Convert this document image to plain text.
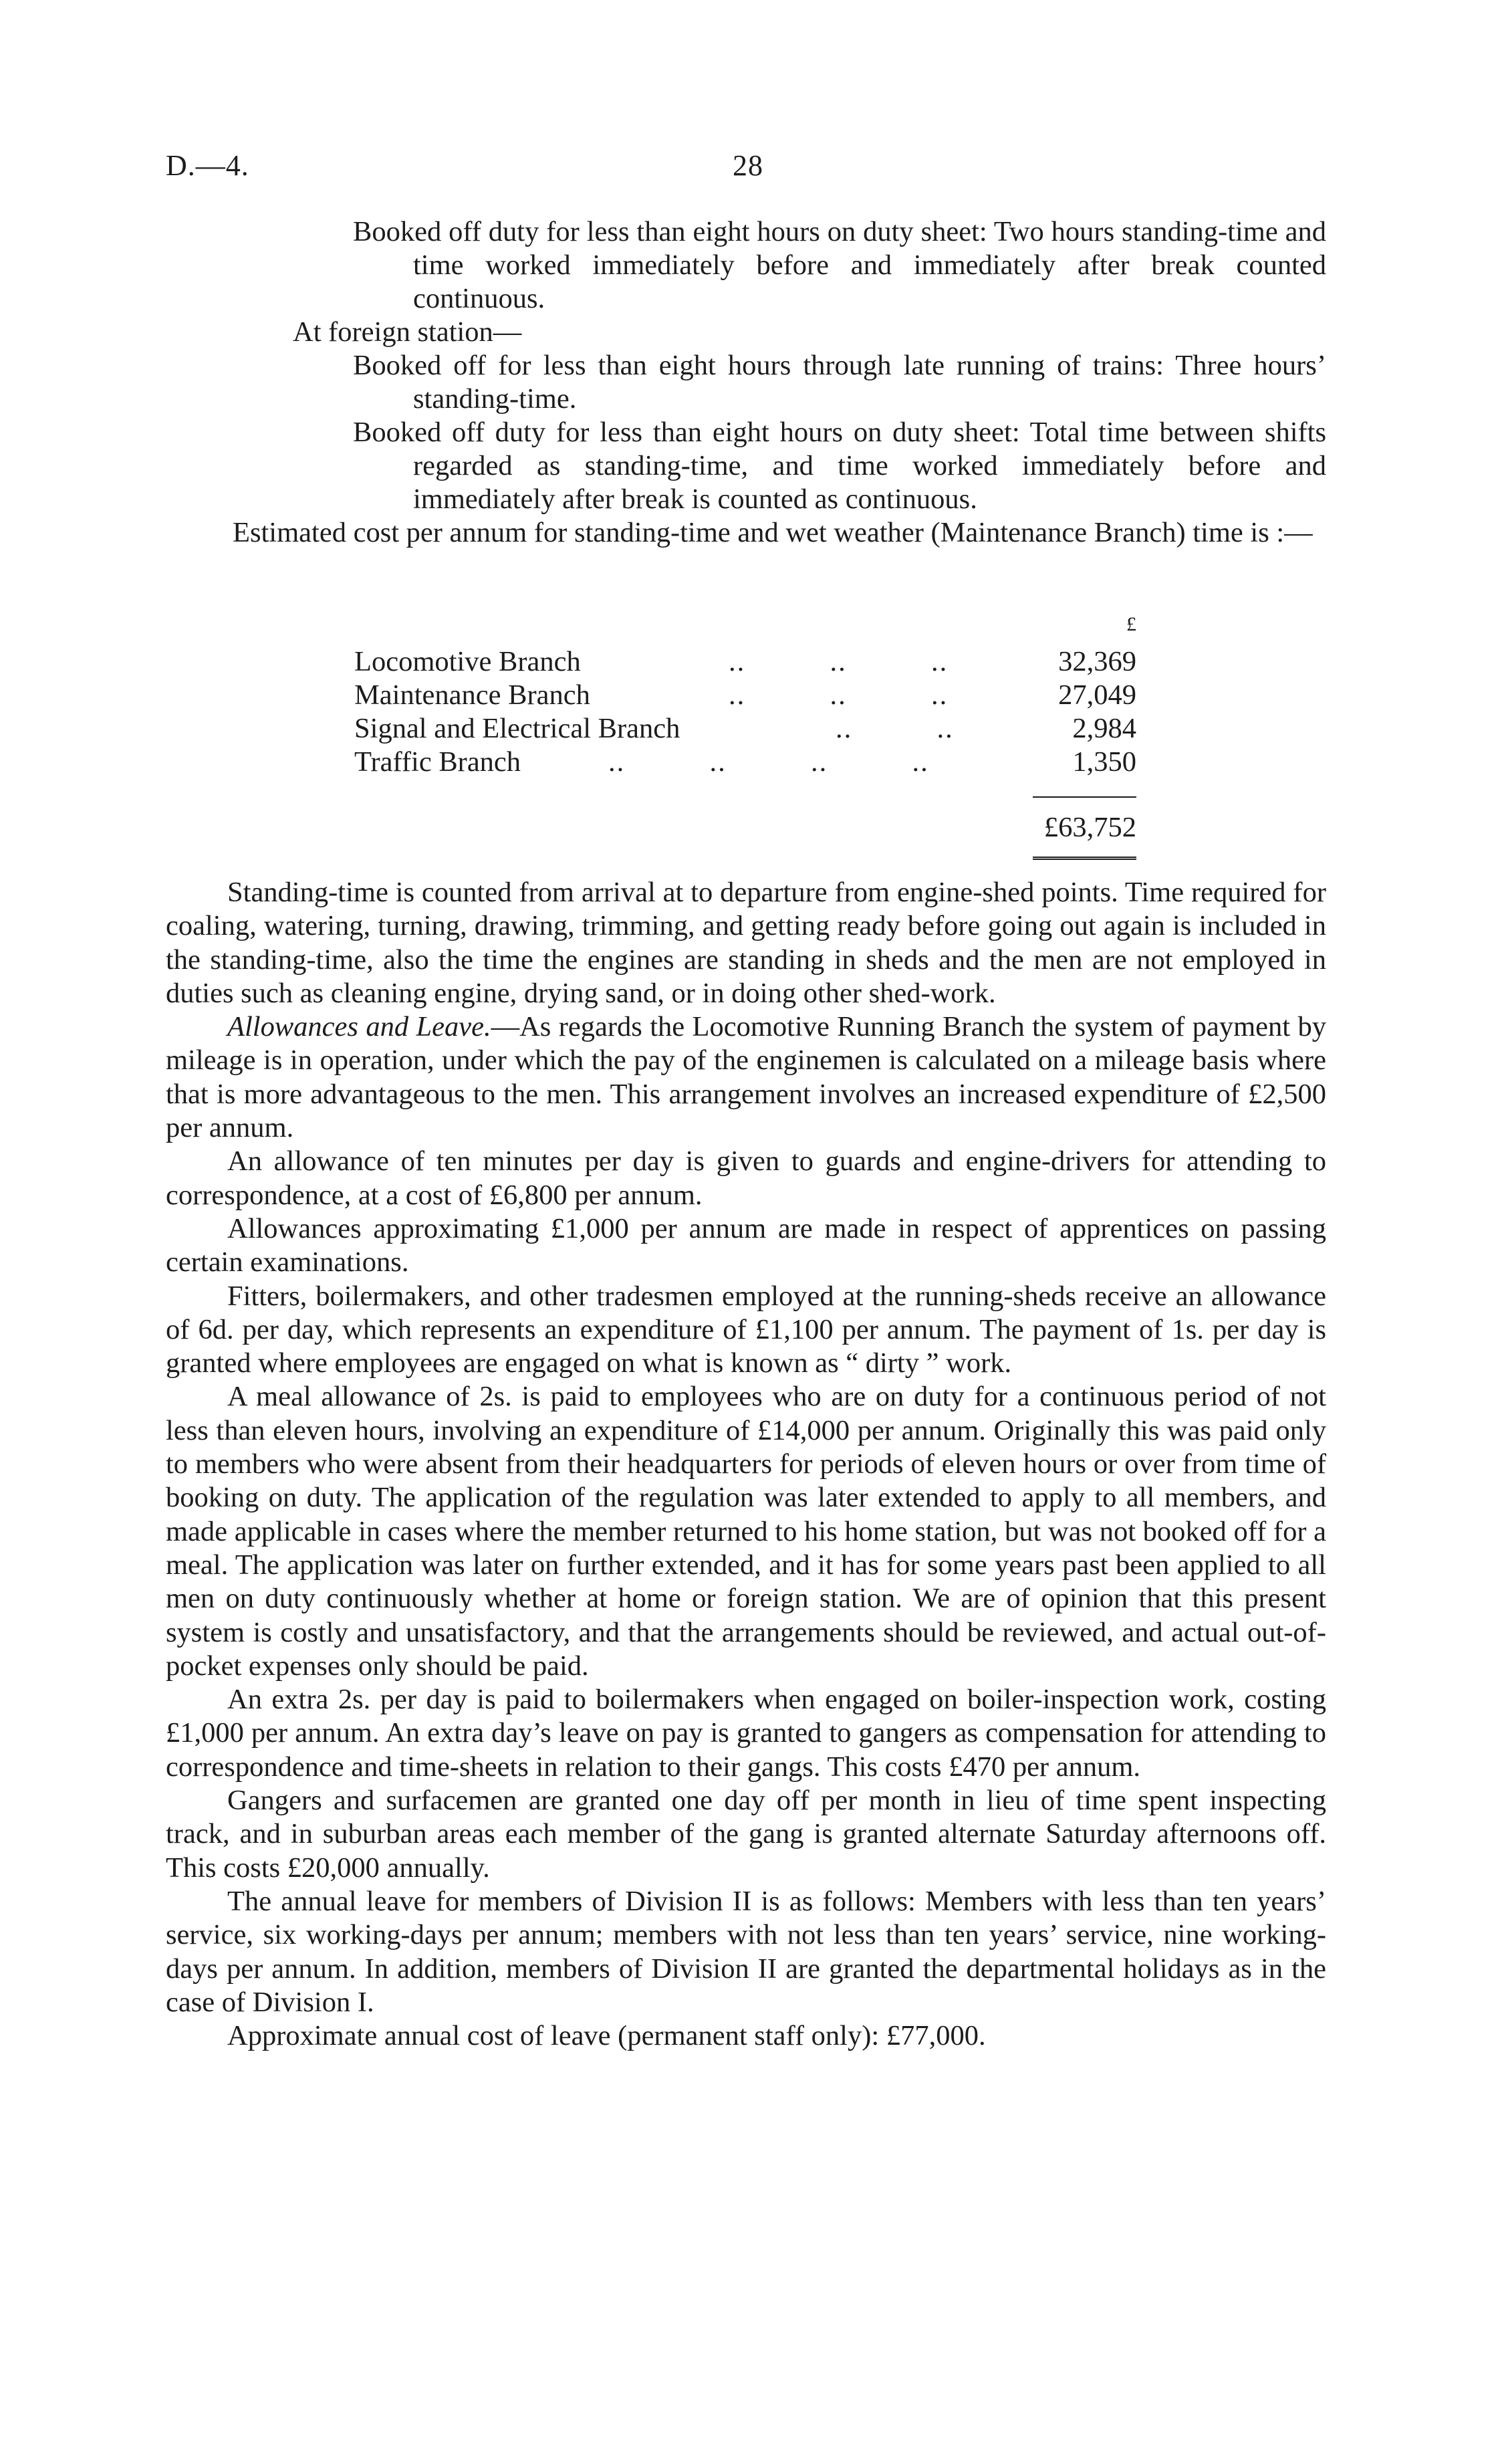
D.—4.	28

Booked off duty for less than eight hours on duty sheet: Two hours standing-time and time worked immediately before and immediately after break counted continuous.

At foreign station—

Booked off for less than eight hours through late running of trains: Three hours’ standing-time.

Booked off duty for less than eight hours on duty sheet: Total time between shifts regarded as standing-time, and time worked immediately before and immediately after break is counted as continuous.

Estimated cost per annum for standing-time and wet weather (Maintenance Branch) time is :—

£
Locomotive Branch	..          ..          ..	32,369
Maintenance Branch	..          ..          ..	27,049
Signal and Electrical Branch	..          ..	2,984
Traffic Branch	..          ..          ..          ..	1,350
£63,752

Standing-time is counted from arrival at to departure from engine-shed points. Time required for coaling, watering, turning, drawing, trimming, and getting ready before going out again is included in the standing-time, also the time the engines are standing in sheds and the men are not employed in duties such as cleaning engine, drying sand, or in doing other shed-work.

Allowances and Leave.—As regards the Locomotive Running Branch the system of payment by mileage is in operation, under which the pay of the enginemen is calculated on a mileage basis where that is more advantageous to the men. This arrangement involves an increased expenditure of £2,500 per annum.

An allowance of ten minutes per day is given to guards and engine-drivers for attending to correspondence, at a cost of £6,800 per annum.

Allowances approximating £1,000 per annum are made in respect of apprentices on passing certain examinations.

Fitters, boilermakers, and other tradesmen employed at the running-sheds receive an allowance of 6d. per day, which represents an expenditure of £1,100 per annum. The payment of 1s. per day is granted where employees are engaged on what is known as “ dirty ” work.

A meal allowance of 2s. is paid to employees who are on duty for a continuous period of not less than eleven hours, involving an expenditure of £14,000 per annum. Originally this was paid only to members who were absent from their headquarters for periods of eleven hours or over from time of booking on duty. The application of the regulation was later extended to apply to all members, and made applicable in cases where the member returned to his home station, but was not booked off for a meal. The application was later on further extended, and it has for some years past been applied to all men on duty continuously whether at home or foreign station. We are of opinion that this present system is costly and unsatisfactory, and that the arrangements should be reviewed, and actual out-of-pocket expenses only should be paid.

An extra 2s. per day is paid to boilermakers when engaged on boiler-inspection work, costing £1,000 per annum. An extra day’s leave on pay is granted to gangers as compensation for attending to correspondence and time-sheets in relation to their gangs. This costs £470 per annum.

Gangers and surfacemen are granted one day off per month in lieu of time spent inspecting track, and in suburban areas each member of the gang is granted alternate Saturday afternoons off. This costs £20,000 annually.

The annual leave for members of Division II is as follows: Members with less than ten years’ service, six working-days per annum; members with not less than ten years’ service, nine working-days per annum. In addition, members of Division II are granted the departmental holidays as in the case of Division I.

Approximate annual cost of leave (permanent staff only): £77,000.
